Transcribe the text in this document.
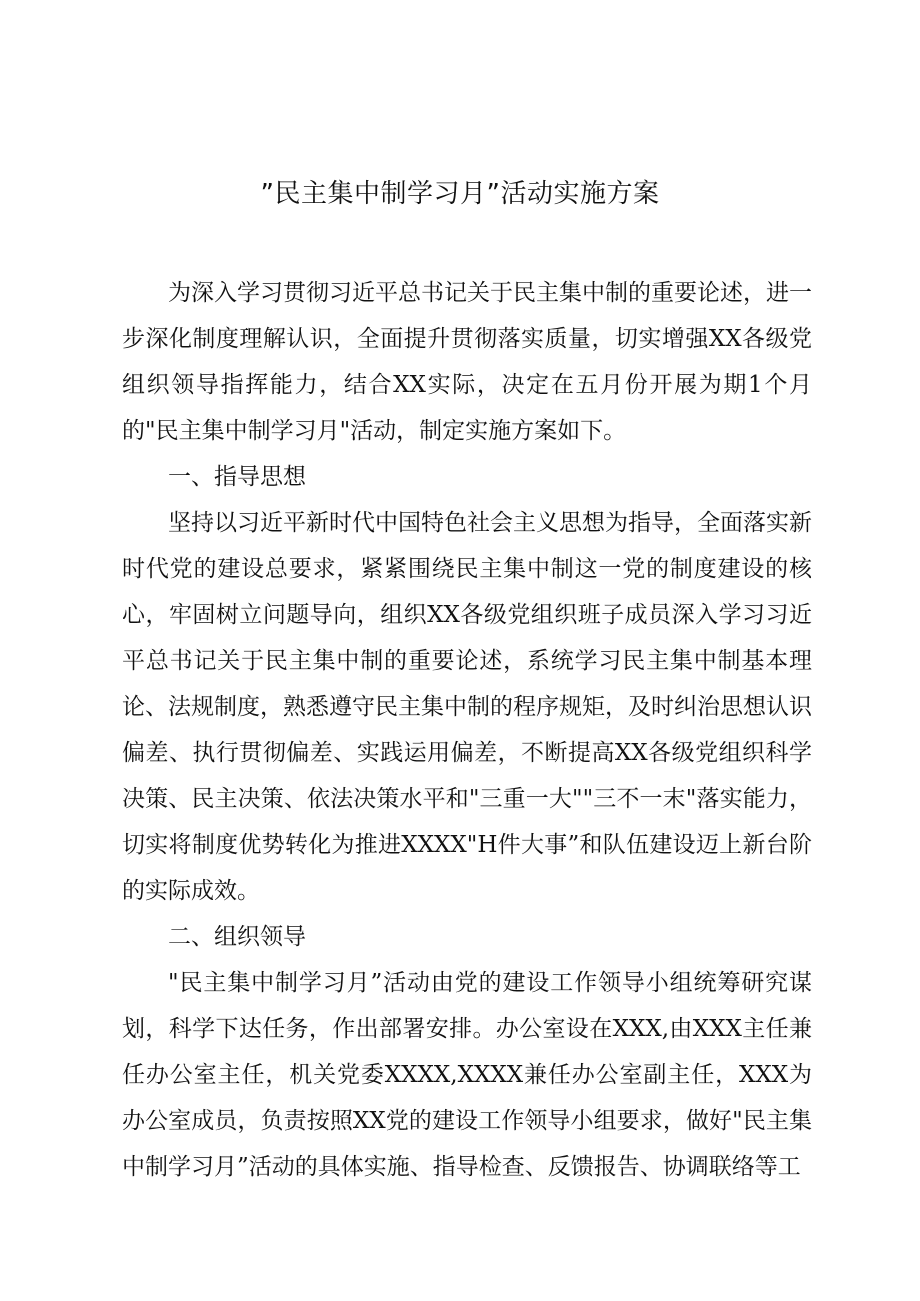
”民主集中制学习月”活动实施方案

为深入学习贯彻习近平总书记关于民主集中制的重要论述，进一步深化制度理解认识，全面提升贯彻落实质量，切实增强XX各级党组织领导指挥能力，结合XX实际，决定在五月份开展为期1个月的"民主集中制学习月"活动，制定实施方案如下。

一、指导思想

坚持以习近平新时代中国特色社会主义思想为指导，全面落实新时代党的建设总要求，紧紧围绕民主集中制这一党的制度建设的核心，牢固树立问题导向，组织XX各级党组织班子成员深入学习习近平总书记关于民主集中制的重要论述，系统学习民主集中制基本理论、法规制度，熟悉遵守民主集中制的程序规矩，及时纠治思想认识偏差、执行贯彻偏差、实践运用偏差，不断提高XX各级党组织科学决策、民主决策、依法决策水平和"三重一大""三不一末"落实能力，切实将制度优势转化为推进XXXX"H件大事”和队伍建设迈上新台阶的实际成效。

二、组织领导

"民主集中制学习月”活动由党的建设工作领导小组统筹研究谋划，科学下达任务，作出部署安排。办公室设在XXX,由XXX主任兼任办公室主任，机关党委XXXX,XXXX兼任办公室副主任，XXX为办公室成员，负责按照XX党的建设工作领导小组要求，做好"民主集中制学习月”活动的具体实施、指导检查、反馈报告、协调联络等工
